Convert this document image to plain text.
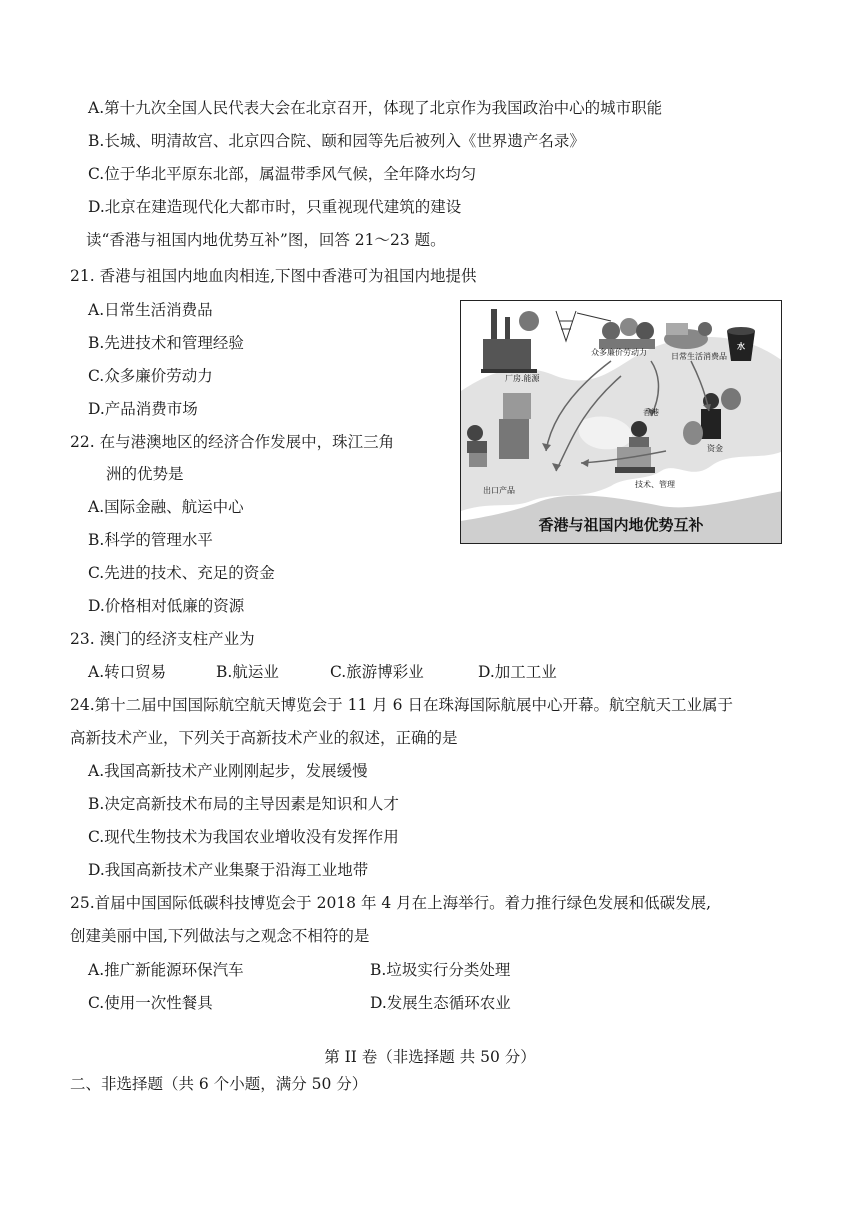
A.第十九次全国人民代表大会在北京召开，体现了北京作为我国政治中心的城市职能
B.长城、明清故宫、北京四合院、颐和园等先后被列入《世界遗产名录》
C.位于华北平原东北部，属温带季风气候，全年降水均匀
D.北京在建造现代化大都市时，只重视现代建筑的建设
读“香港与祖国内地优势互补”图，回答 21～23 题。
21. 香港与祖国内地血肉相连,下图中香港可为祖国内地提供
A.日常生活消费品
B.先进技术和管理经验
C.众多廉价劳动力
D.产品消费市场
22. 在与港澳地区的经济合作发展中，珠江三角
洲的优势是
A.国际金融、航运中心
B.科学的管理水平
C.先进的技术、充足的资金
D.价格相对低廉的资源
23. 澳门的经济支柱产业为
A.转口贸易	B.航运业	C.旅游博彩业	D.加工工业
24.第十二届中国国际航空航天博览会于 11 月 6 日在珠海国际航展中心开幕。航空航天工业属于
高新技术产业，下列关于高新技术产业的叙述，正确的是
A.我国高新技术产业刚刚起步，发展缓慢
B.决定高新技术布局的主导因素是知识和人才
C.现代生物技术为我国农业增收没有发挥作用
D.我国高新技术产业集聚于沿海工业地带
25.首届中国国际低碳科技博览会于 2018 年 4 月在上海举行。着力推行绿色发展和低碳发展,
创建美丽中国,下列做法与之观念不相符的是
A.推广新能源环保汽车	B.垃圾实行分类处理
C.使用一次性餐具	D.发展生态循环农业
第 II 卷（非选择题 共 50 分）
二、非选择题（共 6 个小题，满分 50 分）
厂房.能源
众多廉价劳动力	日常生活消费品
水
香港
资金
出口产品
技术、管理
香港与祖国内地优势互补
